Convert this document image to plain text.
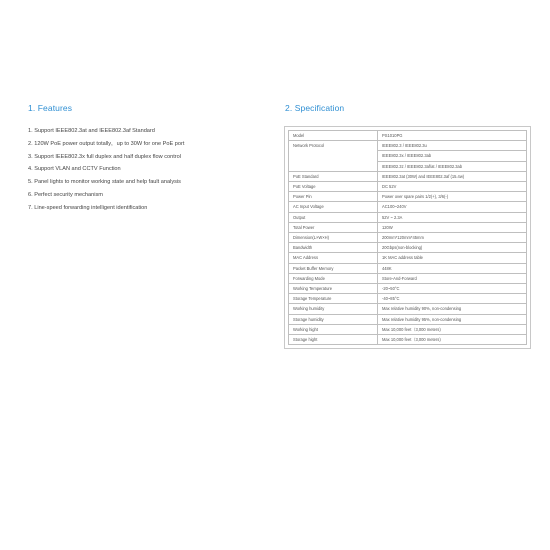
1. Features
1. Support IEEE802.3at and IEEE802.3af Standard
2. 120W PoE power output totally，up to 30W for one PoE port
3. Support IEEE802.3x full duplex and half duplex flow control
4. Support VLAN and CCTV Function
5. Panel lights to monitor working state and help fault analysis
6. Perfect security mechanism
7. Line-speed forwarding intelligent identification
2. Specification
Model	PS1010PG
Network Protocol	IEEE802.3 / IEEE802.3u
	IEEE802.3x / IEEE802.3ab
	IEEE802.3z / IEEE802.3af/at / IEEE802.3ab
PoE Standard	IEEE802.3at (30W) and IEEE802.3af (15.4w)
PoE Voltage	DC 52V
Power Pin	Power over spare pairs 1/2(+), 3/6(-)
AC Input Voltage	AC100~240V
Output	52V ~ 2.3A
Total Power	120W
Dimension(L×W×H)	200mm*120mm*45mm
Bandwidth	20Gbps(non-blocking)
MAC Address	1K MAC address table
Packet Buffer Memory	448K
Forwarding Mode	Store-And-Forward
Working Temperature	-20~50°C
Storage Temperature	-40~85°C
Working humidity	Max relative humidity 90%, non-condensing
Storage humidity	Max relative humidity 95%, non-condensing
Working hight	Max 10,000 feet（3,000 meters)
Storage hight	Max 10,000 feet（3,000 meters)
